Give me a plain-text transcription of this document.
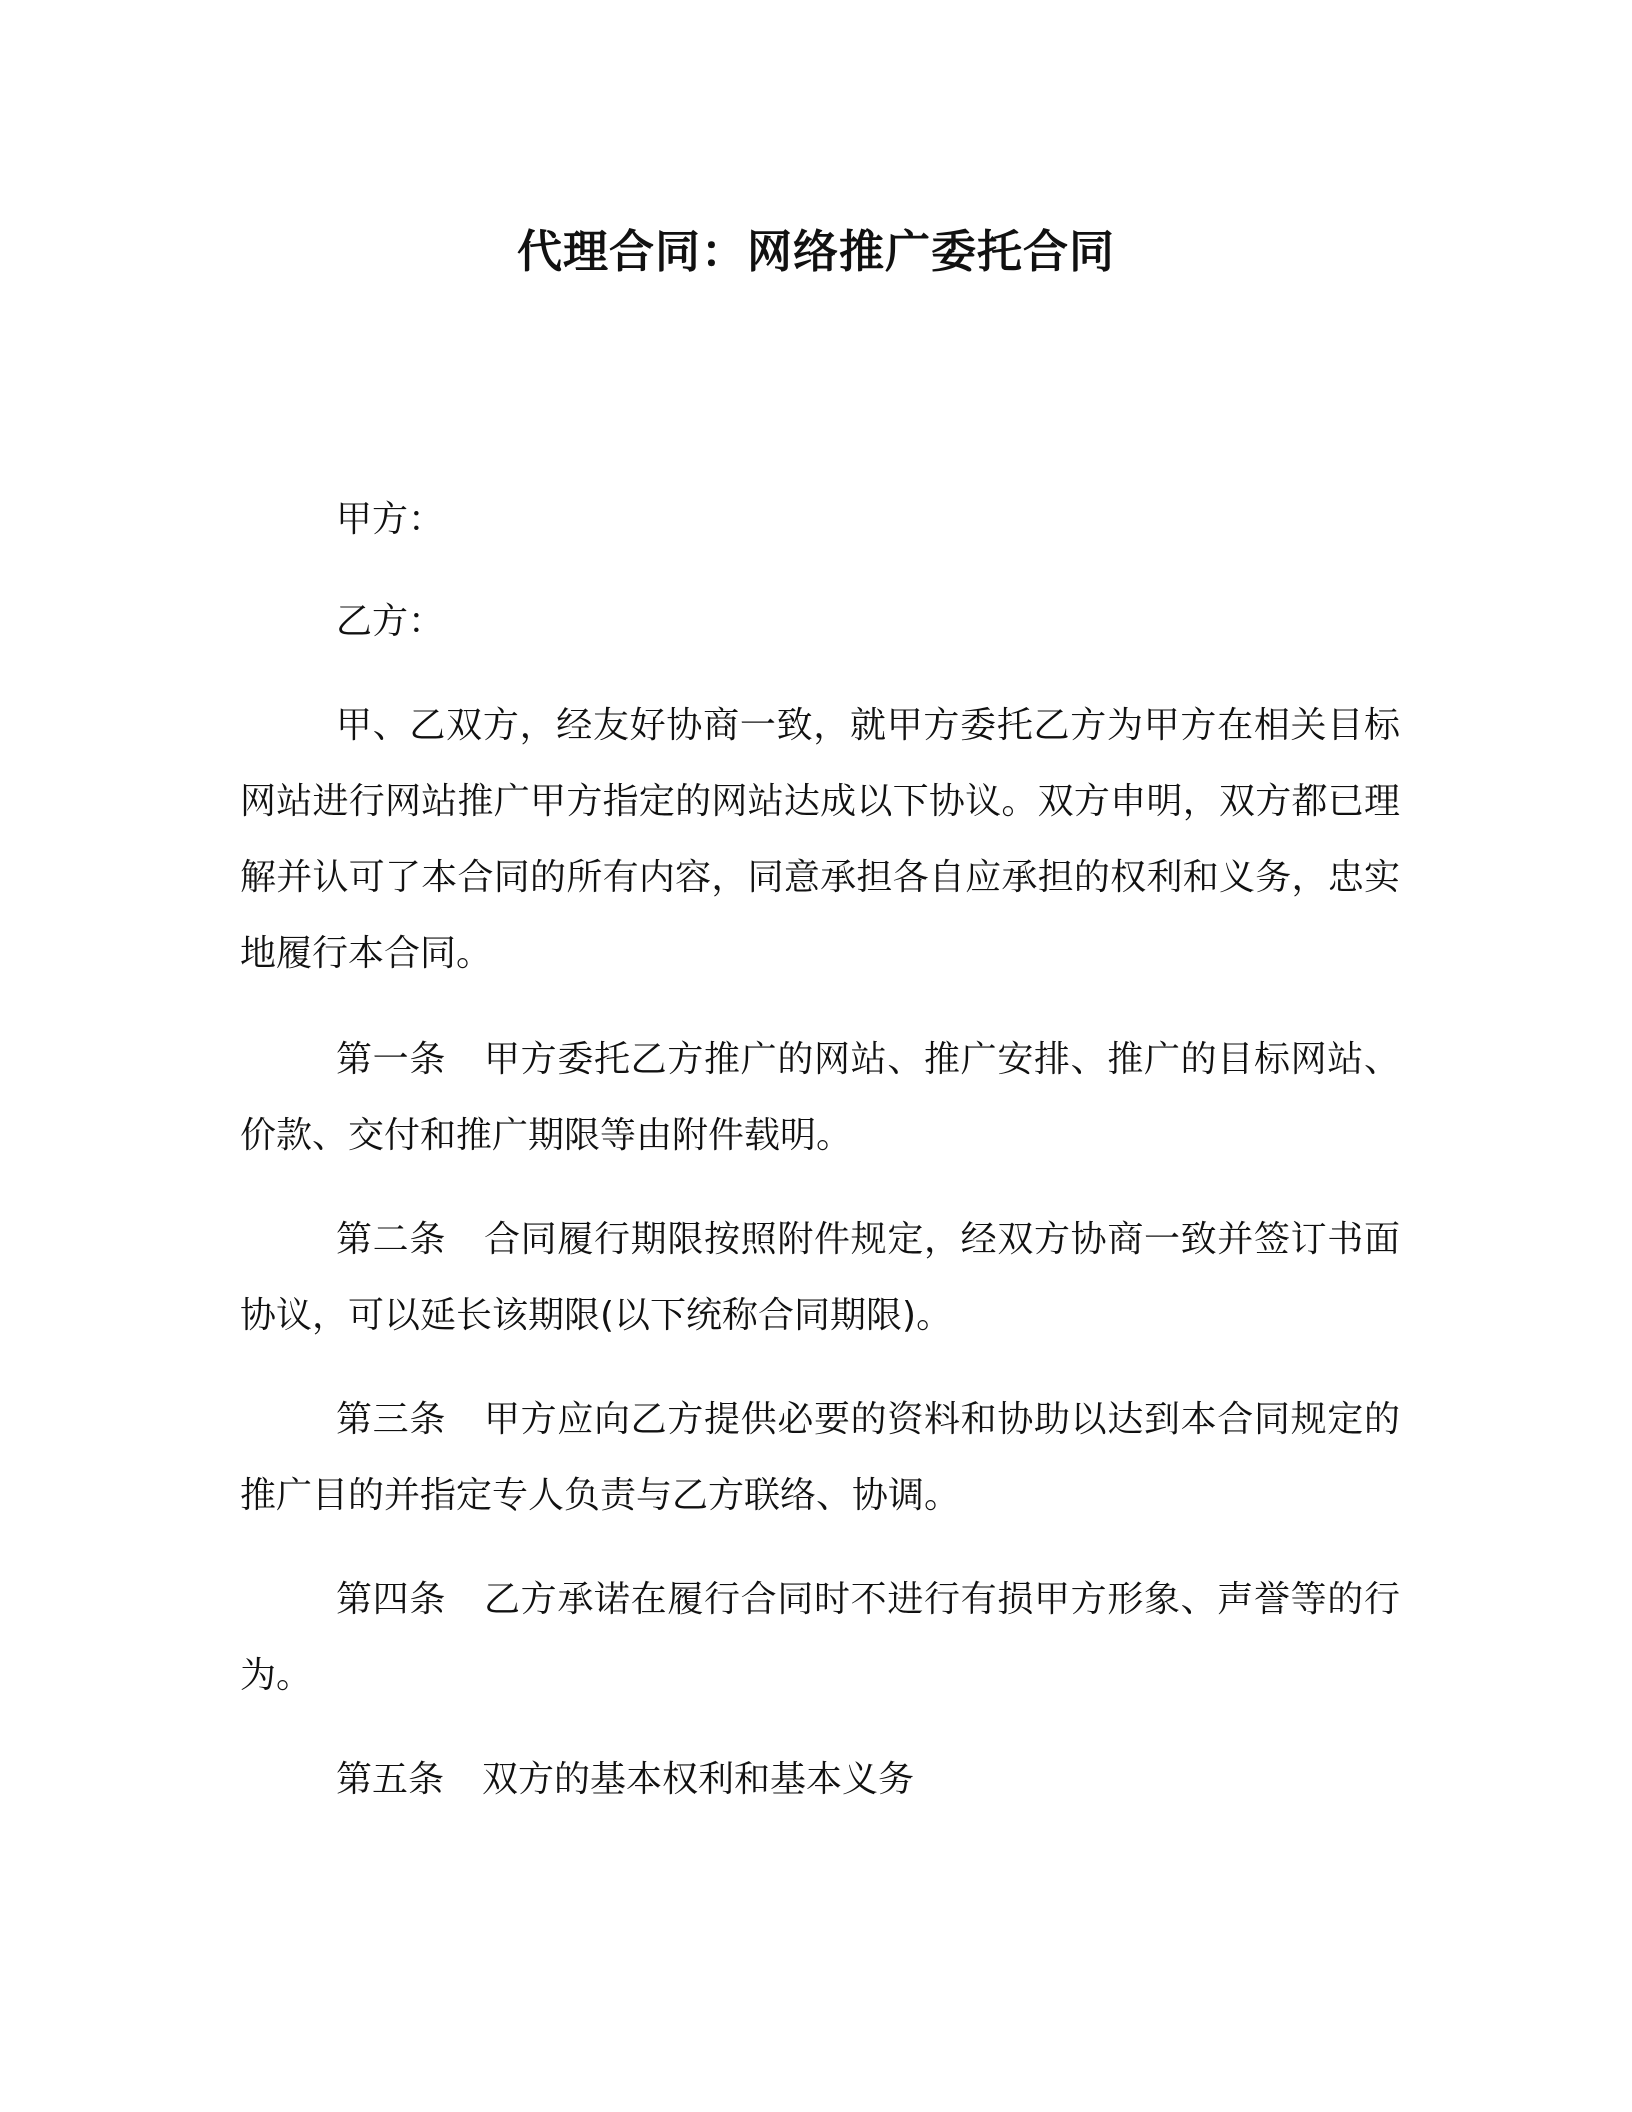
代理合同：网络推广委托合同
甲方：
乙方：

甲、乙双方，经友好协商一致，就甲方委托乙方为甲方在相关目标网站进行网站推广甲方指定的网站达成以下协议。双方申明，双方都已理解并认可了本合同的所有内容，同意承担各自应承担的权利和义务，忠实地履行本合同。

第一条 甲方委托乙方推广的网站、推广安排、推广的目标网站、价款、交付和推广期限等由附件载明。

第二条 合同履行期限按照附件规定，经双方协商一致并签订书面协议，可以延长该期限(以下统称合同期限)。

第三条 甲方应向乙方提供必要的资料和协助以达到本合同规定的推广目的并指定专人负责与乙方联络、协调。

第四条 乙方承诺在履行合同时不进行有损甲方形象、声誉等的行为。

第五条 双方的基本权利和基本义务
